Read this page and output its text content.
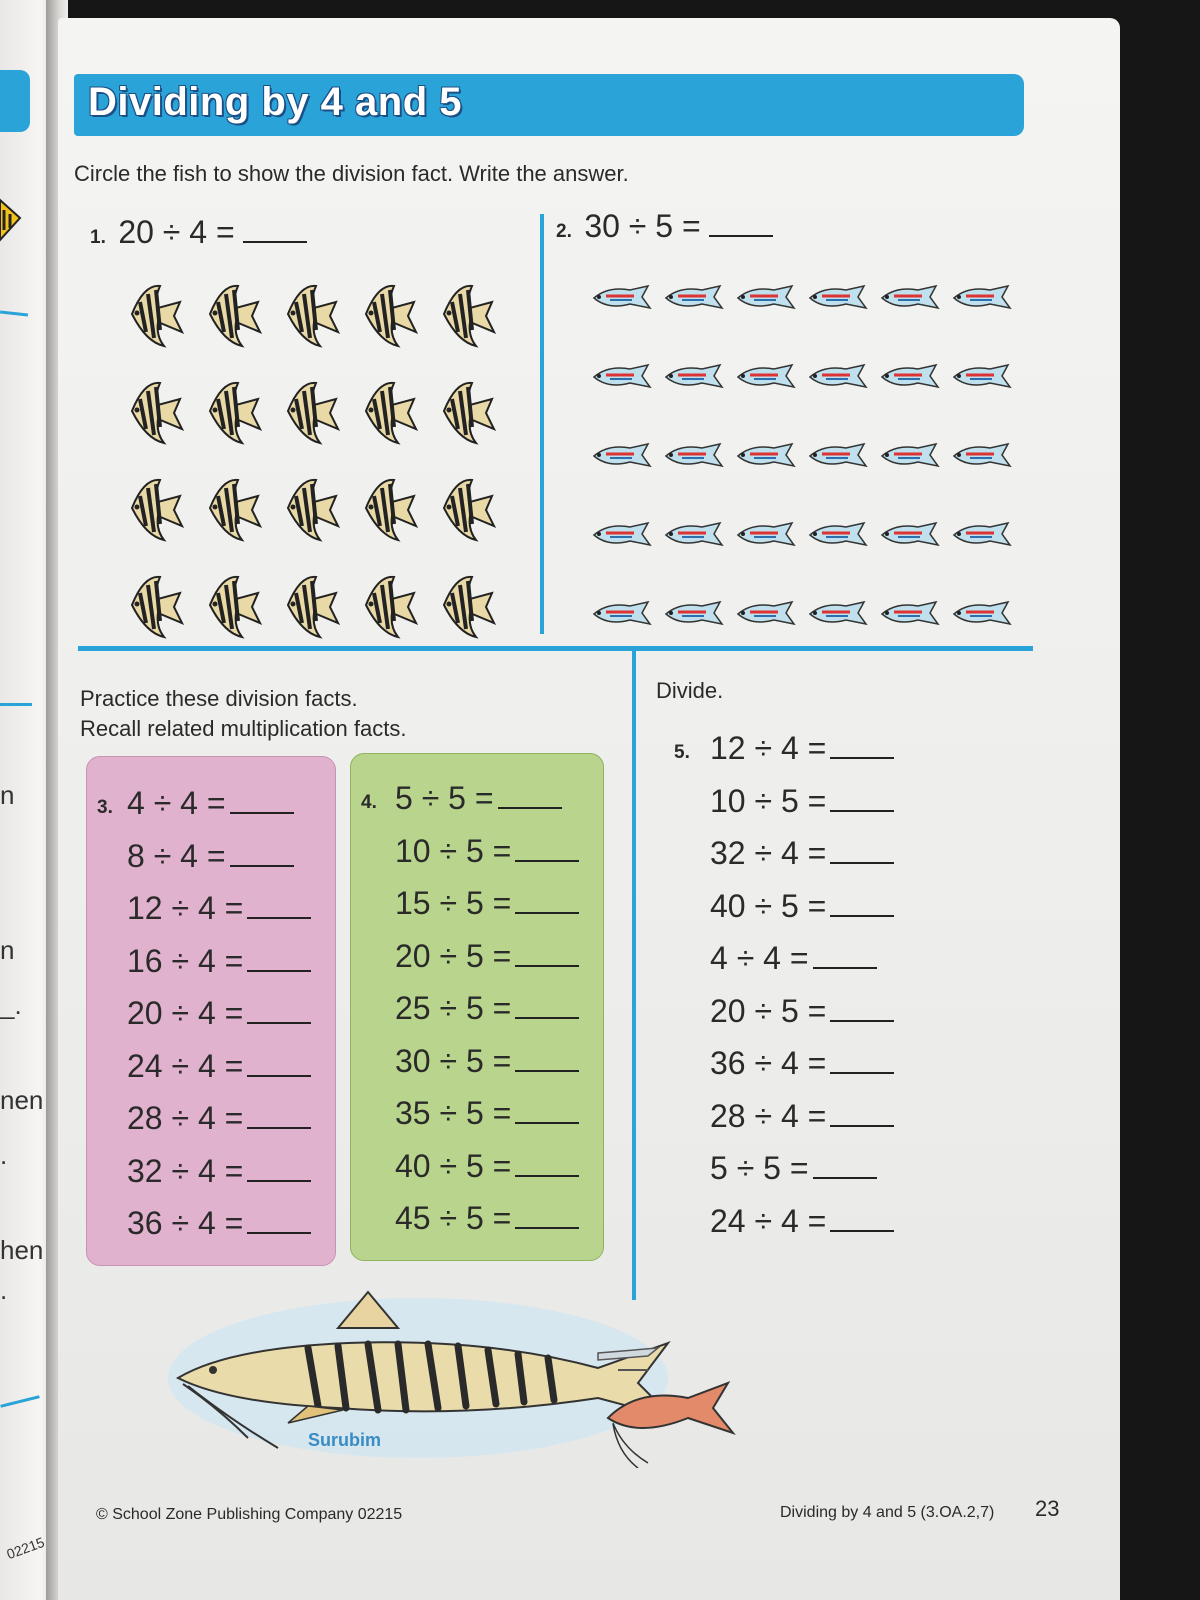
n
n
_.
nen
.
hen
.
02215
Dividing by 4 and 5
Circle the fish to show the division fact. Write the answer.
1. 20 ÷ 4 =	2. 30 ÷ 5 =
Practice these division facts.
Recall related multiplication facts.
3. 4 ÷ 4 =
8 ÷ 4 =
12 ÷ 4 =
16 ÷ 4 =
20 ÷ 4 =
24 ÷ 4 =
28 ÷ 4 =
32 ÷ 4 =
36 ÷ 4 =
4. 5 ÷ 5 =
10 ÷ 5 =
15 ÷ 5 =
20 ÷ 5 =
25 ÷ 5 =
30 ÷ 5 =
35 ÷ 5 =
40 ÷ 5 =
45 ÷ 5 =
Divide.
5. 12 ÷ 4 =
10 ÷ 5 =
32 ÷ 4 =
40 ÷ 5 =
4 ÷ 4 =
20 ÷ 5 =
36 ÷ 4 =
28 ÷ 4 =
5 ÷ 5 =
24 ÷ 4 =
Surubim
© School Zone Publishing Company 02215	Dividing by 4 and 5 (3.OA.2,7) 23
